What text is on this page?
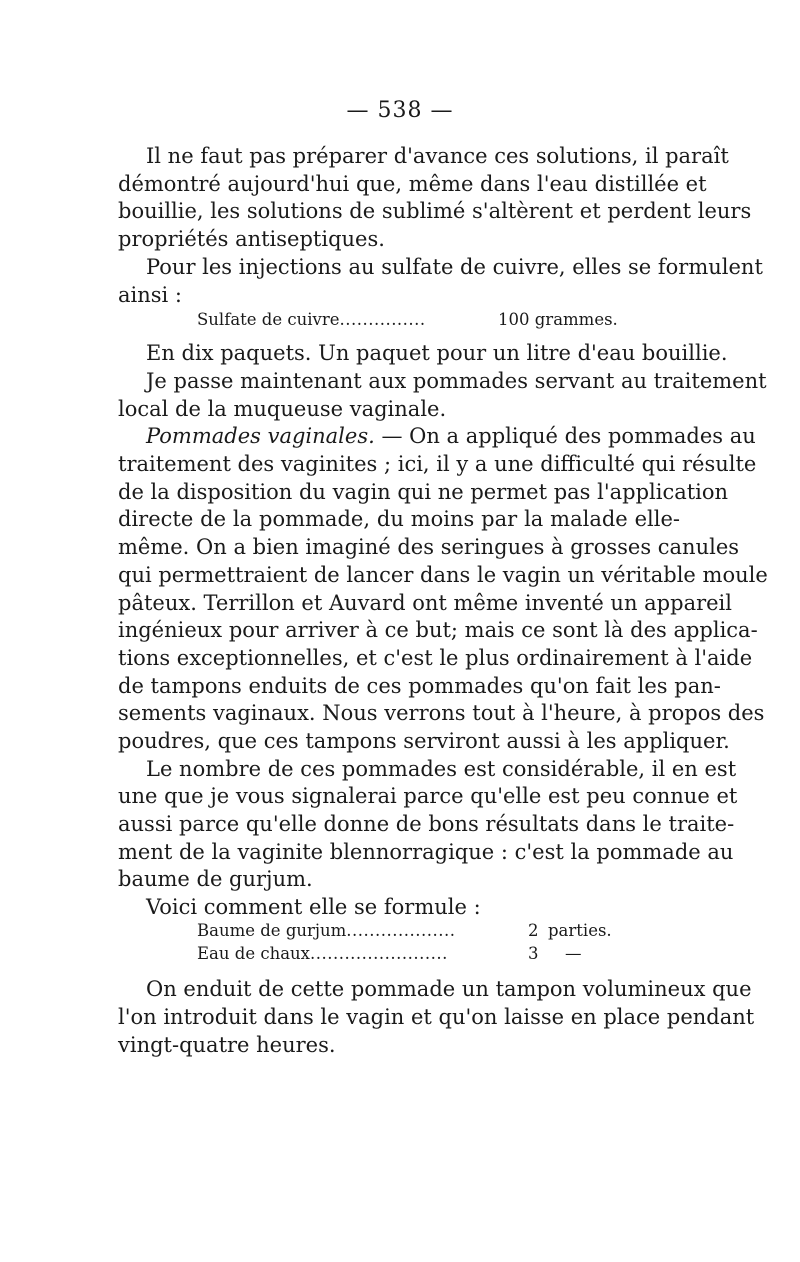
— 538 —
Il ne faut pas préparer d'avance ces solutions, il paraît
démontré aujourd'hui que, même dans l'eau distillée et
bouillie, les solutions de sublimé s'altèrent et perdent leurs
propriétés antiseptiques.
Pour les injections au sulfate de cuivre, elles se formulent
ainsi :
Sulfate de cuivre...............	100 grammes.
En dix paquets. Un paquet pour un litre d'eau bouillie.
Je passe maintenant aux pommades servant au traitement
local de la muqueuse vaginale.
Pommades vaginales. — On a appliqué des pommades au
traitement des vaginites ; ici, il y a une difficulté qui résulte
de la disposition du vagin qui ne permet pas l'application
directe de la pommade, du moins par la malade elle-
même. On a bien imaginé des seringues à grosses canules
qui permettraient de lancer dans le vagin un véritable moule
pâteux. Terrillon et Auvard ont même inventé un appareil
ingénieux pour arriver à ce but; mais ce sont là des applica-
tions exceptionnelles, et c'est le plus ordinairement à l'aide
de tampons enduits de ces pommades qu'on fait les pan-
sements vaginaux. Nous verrons tout à l'heure, à propos des
poudres, que ces tampons serviront aussi à les appliquer.
Le nombre de ces pommades est considérable, il en est
une que je vous signalerai parce qu'elle est peu connue et
aussi parce qu'elle donne de bons résultats dans le traite-
ment de la vaginite blennorragique : c'est la pommade au
baume de gurjum.
Voici comment elle se formule :
Baume de gurjum...................	2 parties.
Eau de chaux........................	3 —
On enduit de cette pommade un tampon volumineux que
l'on introduit dans le vagin et qu'on laisse en place pendant
vingt-quatre heures.
